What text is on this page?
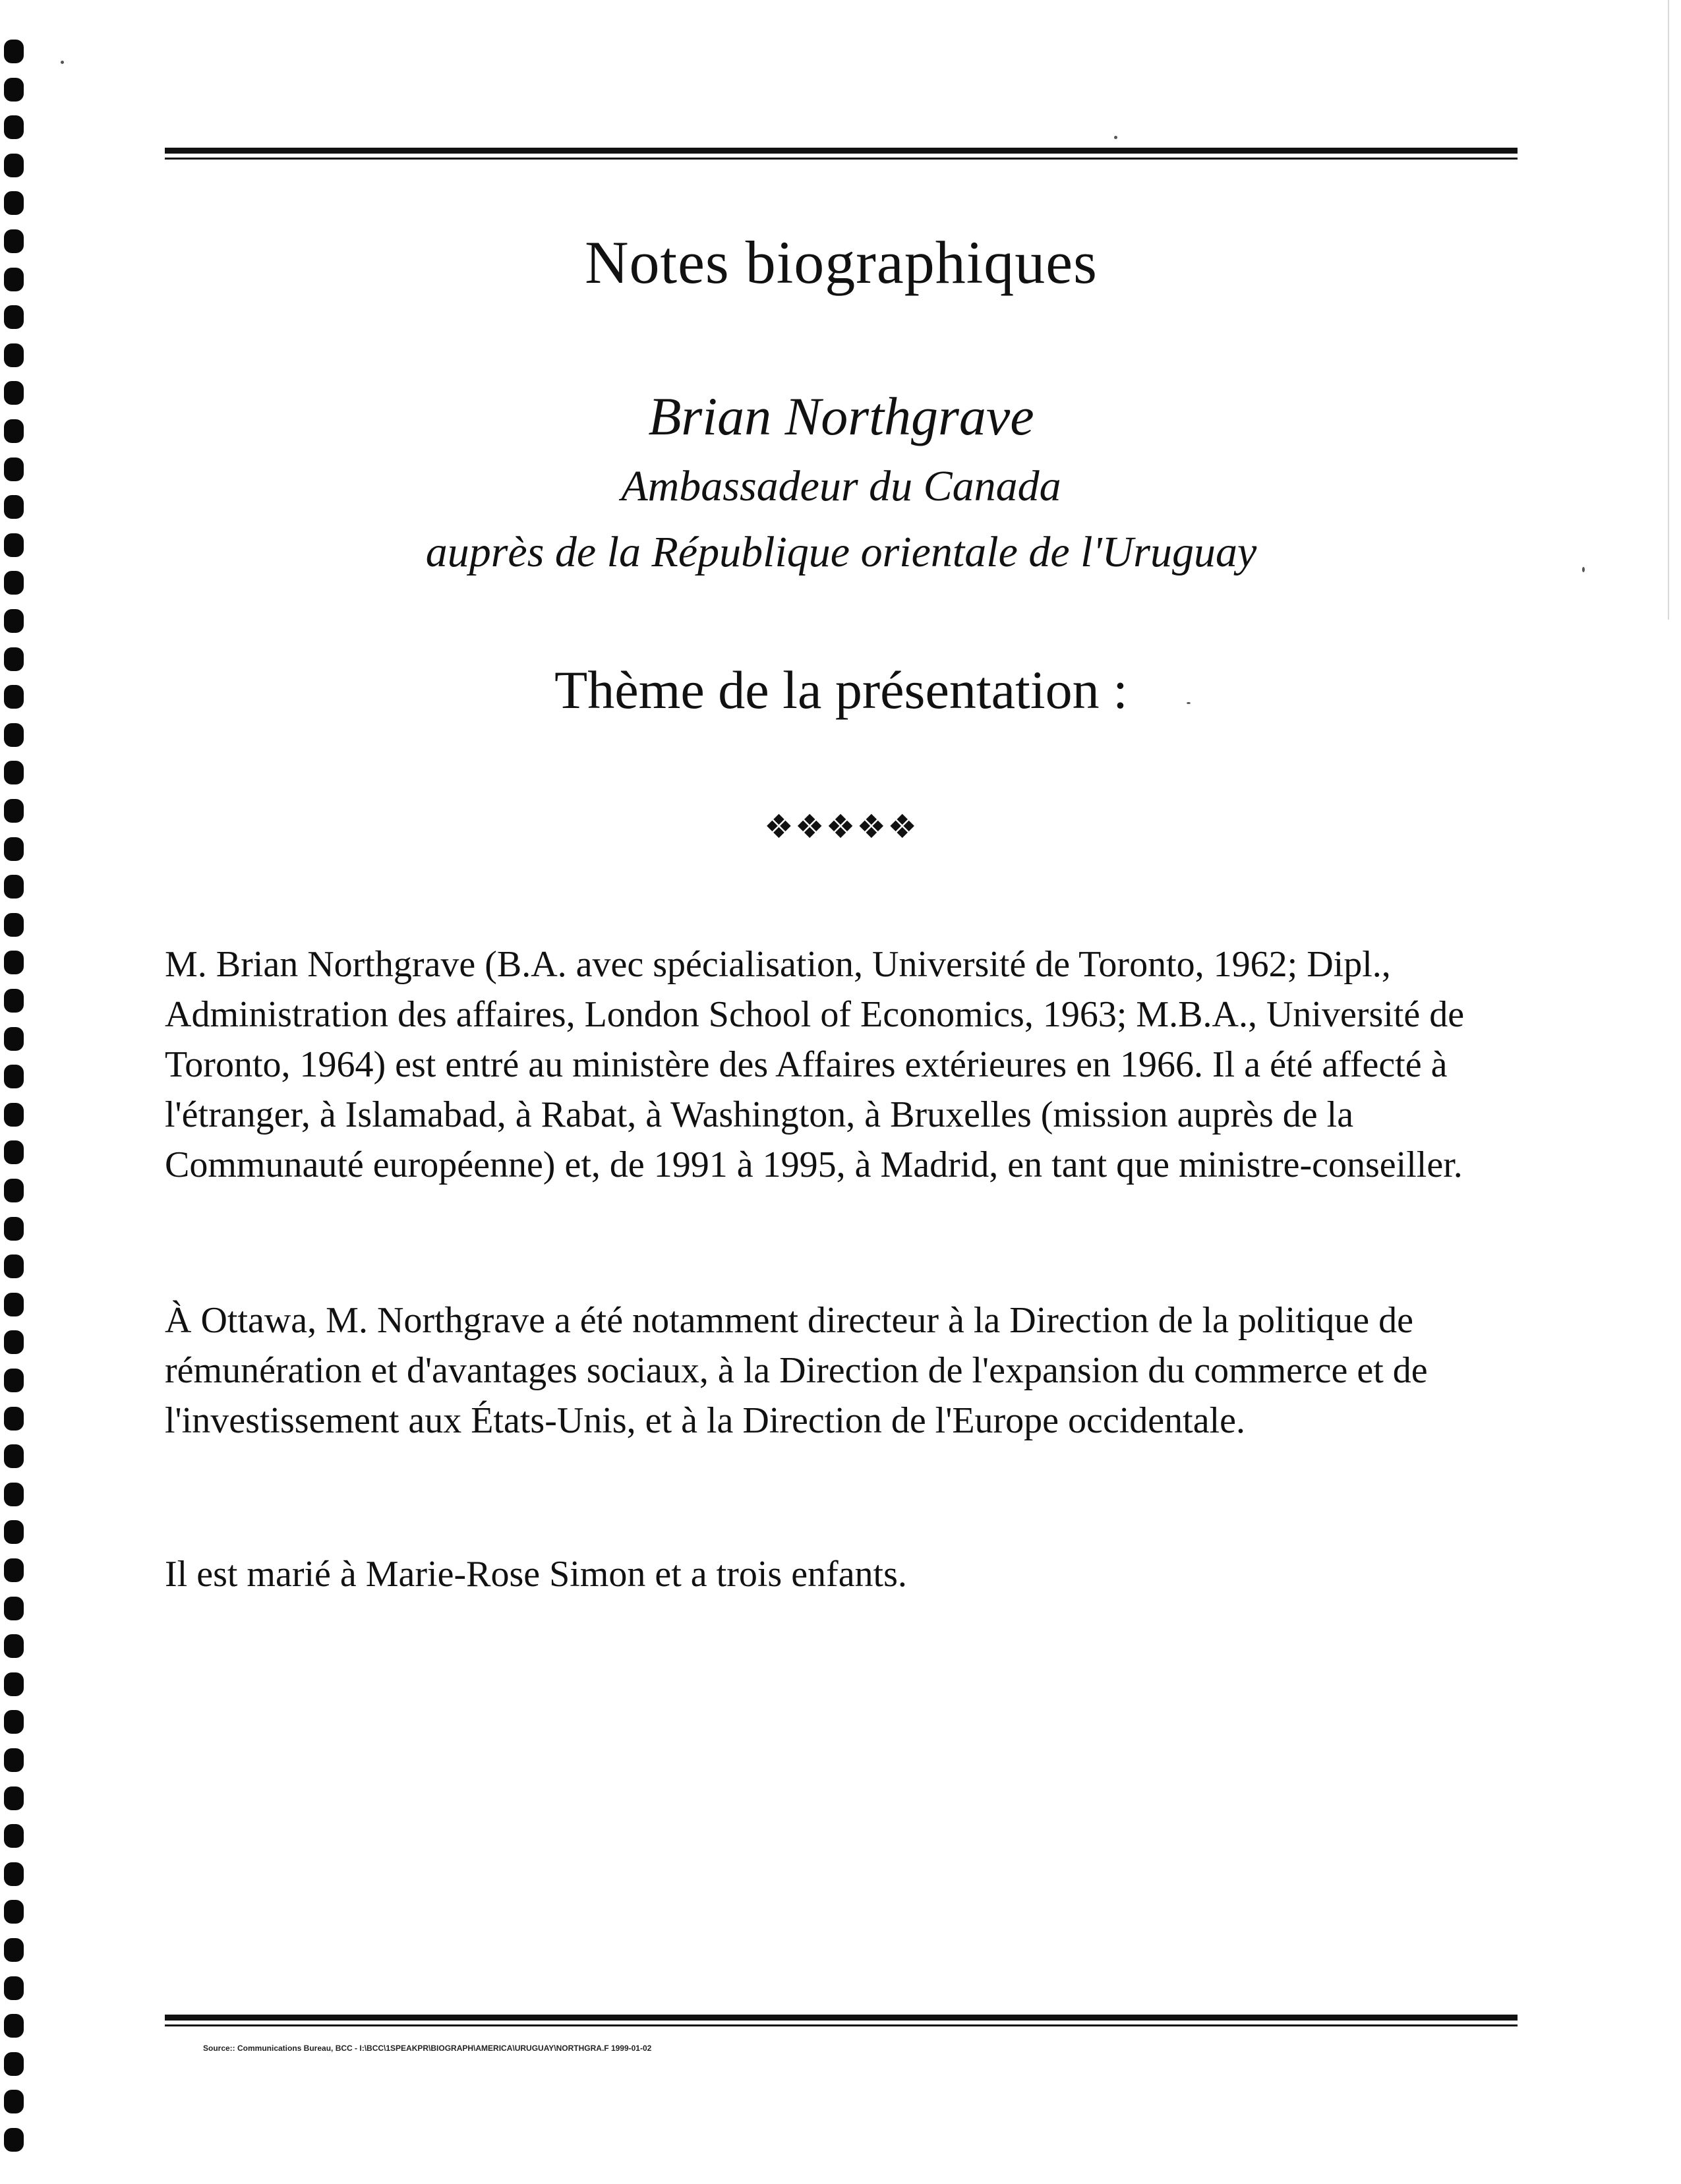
Notes biographiques
Brian Northgrave
Ambassadeur du Canada
auprès de la République orientale de l'Uruguay
Thème de la présentation :
❖❖❖❖❖

M. Brian Northgrave (B.A. avec spécialisation, Université de Toronto, 1962; Dipl., Administration des affaires, London School of Economics, 1963; M.B.A., Université de Toronto, 1964) est entré au ministère des Affaires extérieures en 1966. Il a été affecté à l'étranger, à Islamabad, à Rabat, à Washington, à Bruxelles (mission auprès de la Communauté européenne) et, de 1991 à 1995, à Madrid, en tant que ministre-conseiller.

À Ottawa, M. Northgrave a été notamment directeur à la Direction de la politique de rémunération et d'avantages sociaux, à la Direction de l'expansion du commerce et de l'investissement aux États-Unis, et à la Direction de l'Europe occidentale.

Il est marié à Marie-Rose Simon et a trois enfants.

Source:: Communications Bureau, BCC - I:\BCC\1SPEAKPR\BIOGRAPH\AMERICA\URUGUAY\NORTHGRA.F 1999-01-02
